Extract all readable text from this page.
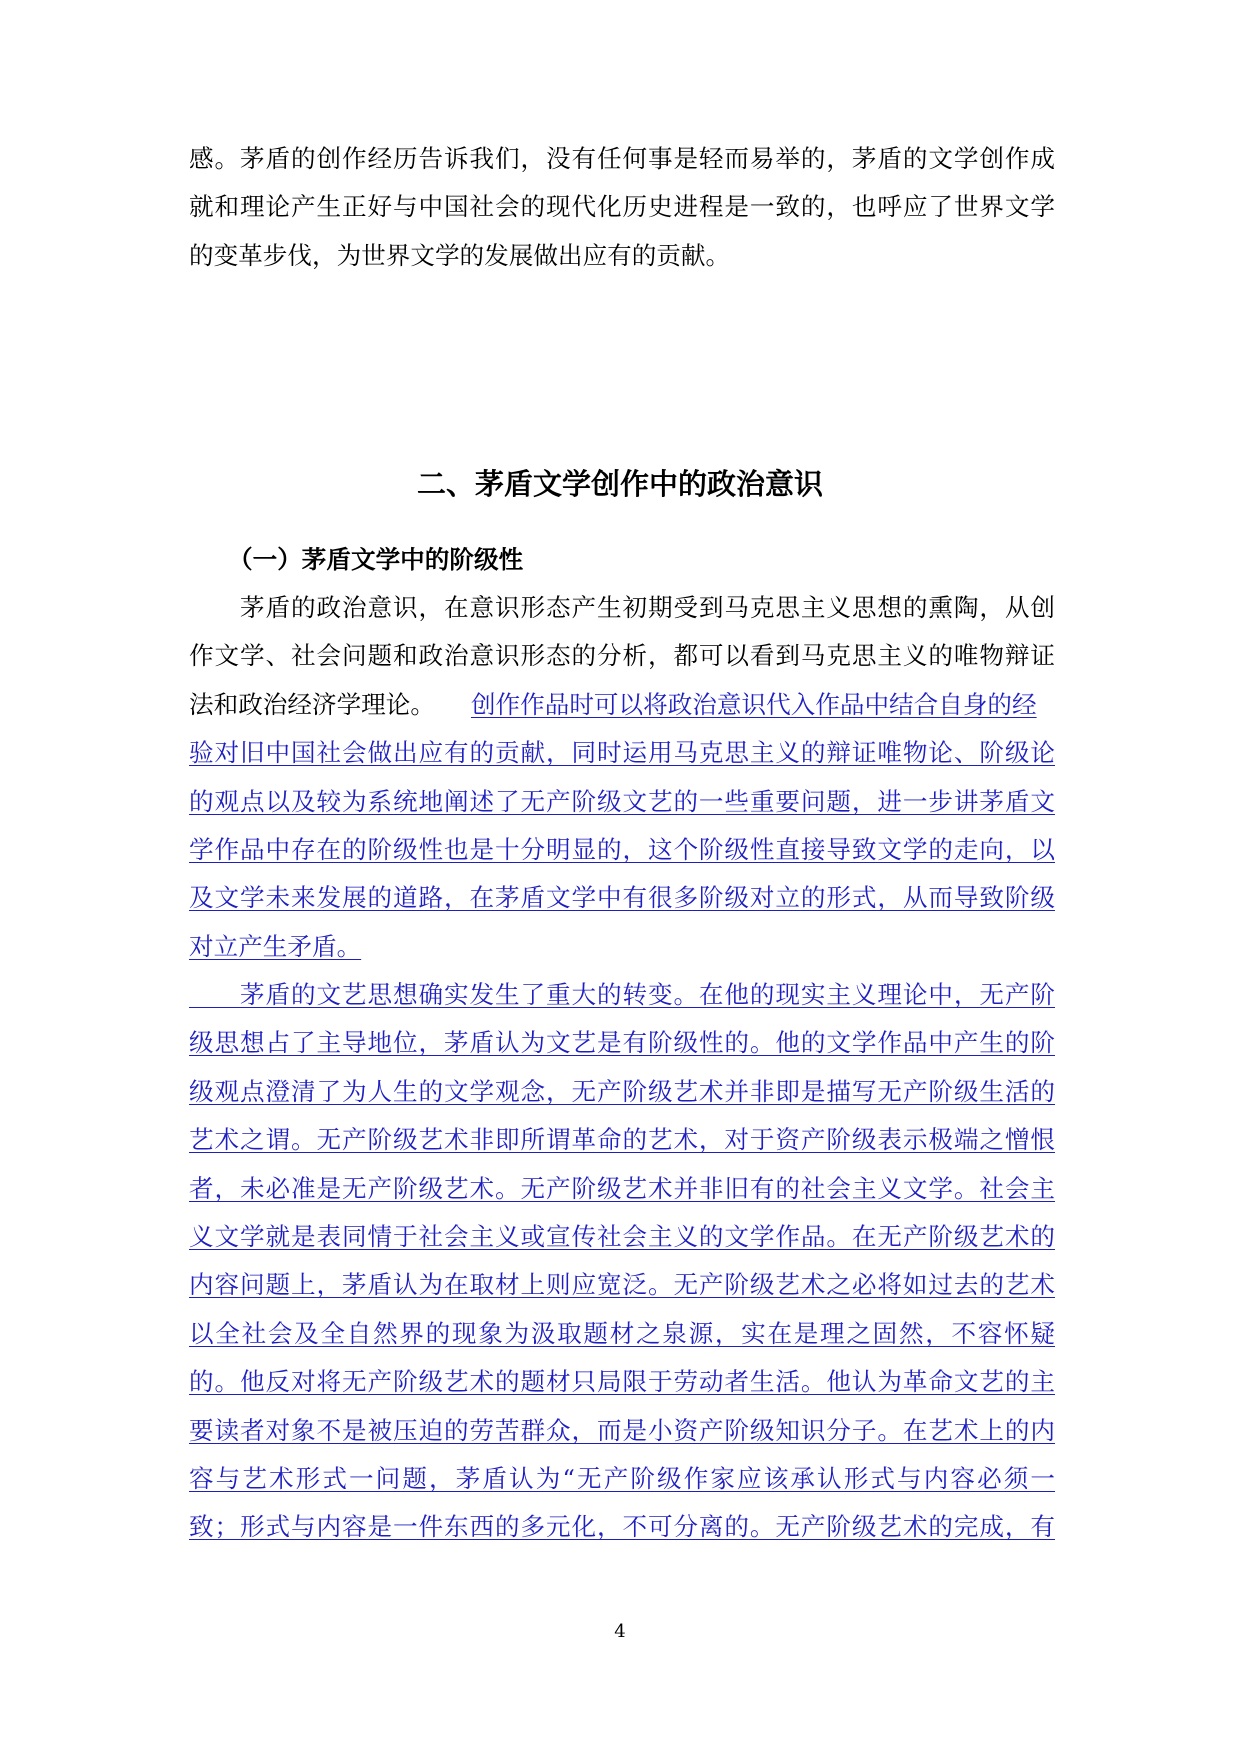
感。茅盾的创作经历告诉我们，没有任何事是轻而易举的，茅盾的文学创作成
就和理论产生正好与中国社会的现代化历史进程是一致的，也呼应了世界文学
的变革步伐，为世界文学的发展做出应有的贡献。
二、茅盾文学创作中的政治意识
（一）茅盾文学中的阶级性
　　茅盾的政治意识，在意识形态产生初期受到马克思主义思想的熏陶，从创
作文学、社会问题和政治意识形态的分析，都可以看到马克思主义的唯物辩证
法和政治经济学理论。 创作作品时可以将政治意识代入作品中结合自身的经
验对旧中国社会做出应有的贡献，同时运用马克思主义的辩证唯物论、阶级论
的观点以及较为系统地阐述了无产阶级文艺的一些重要问题，进一步讲茅盾文
学作品中存在的阶级性也是十分明显的，这个阶级性直接导致文学的走向，以
及文学未来发展的道路，在茅盾文学中有很多阶级对立的形式，从而导致阶级
对立产生矛盾。
　　茅盾的文艺思想确实发生了重大的转变。在他的现实主义理论中，无产阶
级思想占了主导地位，茅盾认为文艺是有阶级性的。他的文学作品中产生的阶
级观点澄清了为人生的文学观念，无产阶级艺术并非即是描写无产阶级生活的
艺术之谓。无产阶级艺术非即所谓革命的艺术，对于资产阶级表示极端之憎恨
者，未必准是无产阶级艺术。无产阶级艺术并非旧有的社会主义文学。社会主
义文学就是表同情于社会主义或宣传社会主义的文学作品。在无产阶级艺术的
内容问题上，茅盾认为在取材上则应宽泛。无产阶级艺术之必将如过去的艺术
以全社会及全自然界的现象为汲取题材之泉源，实在是理之固然，不容怀疑
的。他反对将无产阶级艺术的题材只局限于劳动者生活。他认为革命文艺的主
要读者对象不是被压迫的劳苦群众，而是小资产阶级知识分子。在艺术上的内
容与艺术形式一问题，茅盾认为“无产阶级作家应该承认形式与内容必须一
致；形式与内容是一件东西的多元化，不可分离的。无产阶级艺术的完成，有
4
